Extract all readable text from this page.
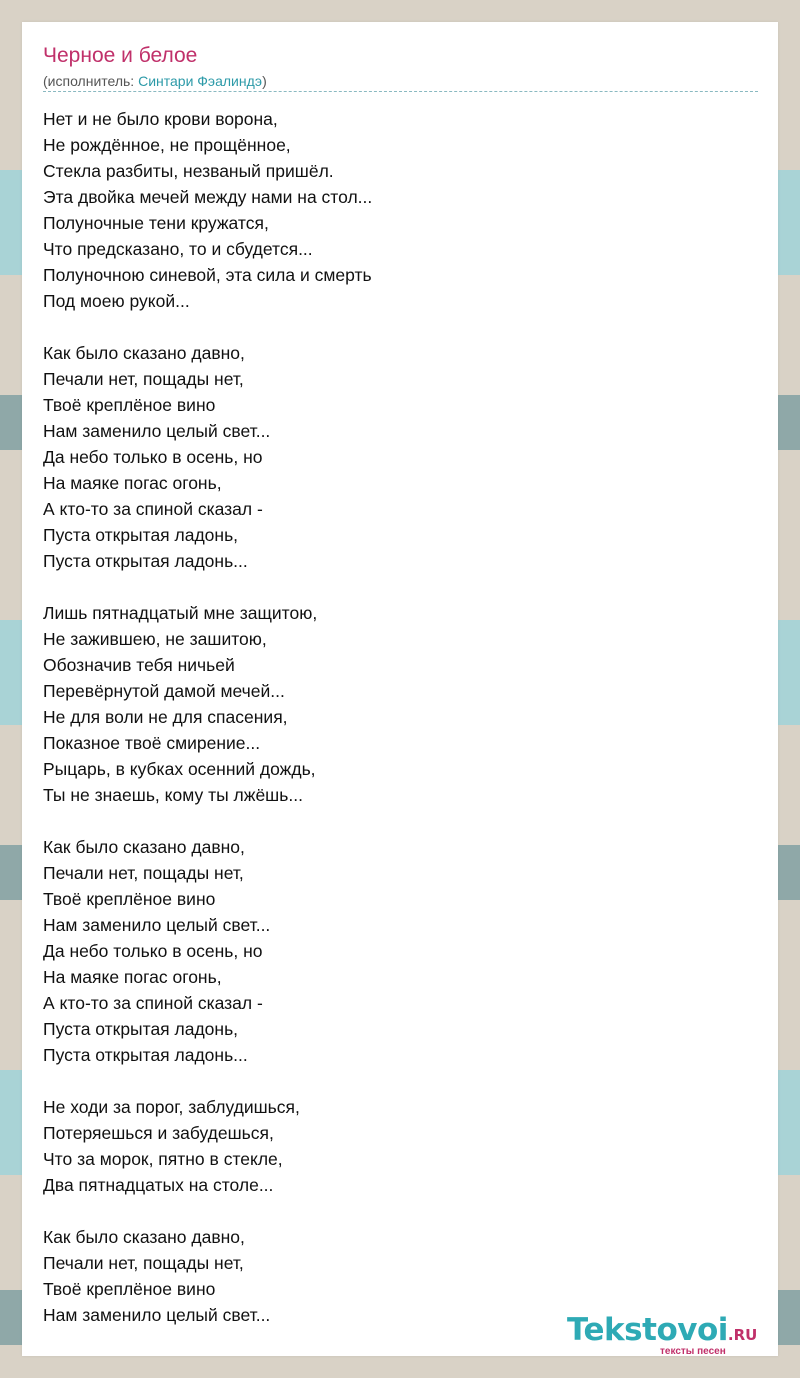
Черное и белое
(исполнитель: Синтари Фэалиндэ)
Нет и не было крови ворона,
Не рождённое, не прощённое,
Стекла разбиты, незваный пришёл.
Эта двойка мечей между нами на стол...
Полуночные тени кружатся,
Что предсказано, то и сбудется...
Полуночною синевой, эта сила и смерть
Под моею рукой...
Как было сказано давно,
Печали нет, пощады нет,
Твоё креплёное вино
Нам заменило целый свет...
Да небо только в осень, но
На маяке погас огонь,
А кто-то за спиной сказал -
Пуста открытая ладонь,
Пуста открытая ладонь...
Лишь пятнадцатый мне защитою,
Не зажившею, не зашитою,
Обозначив тебя ничьей
Перевёрнутой дамой мечей...
Не для воли не для спасения,
Показное твоё смирение...
Рыцарь, в кубках осенний дождь,
Ты не знаешь, кому ты лжёшь...
Как было сказано давно,
Печали нет, пощады нет,
Твоё креплёное вино
Нам заменило целый свет...
Да небо только в осень, но
На маяке погас огонь,
А кто-то за спиной сказал -
Пуста открытая ладонь,
Пуста открытая ладонь...
Не ходи за порог, заблудишься,
Потеряешься и забудешься,
Что за морок, пятно в стекле,
Два пятнадцатых на столе...
Как было сказано давно,
Печали нет, пощады нет,
Твоё креплёное вино
Нам заменило целый свет...	Tekstovoi.RU
тексты песен
